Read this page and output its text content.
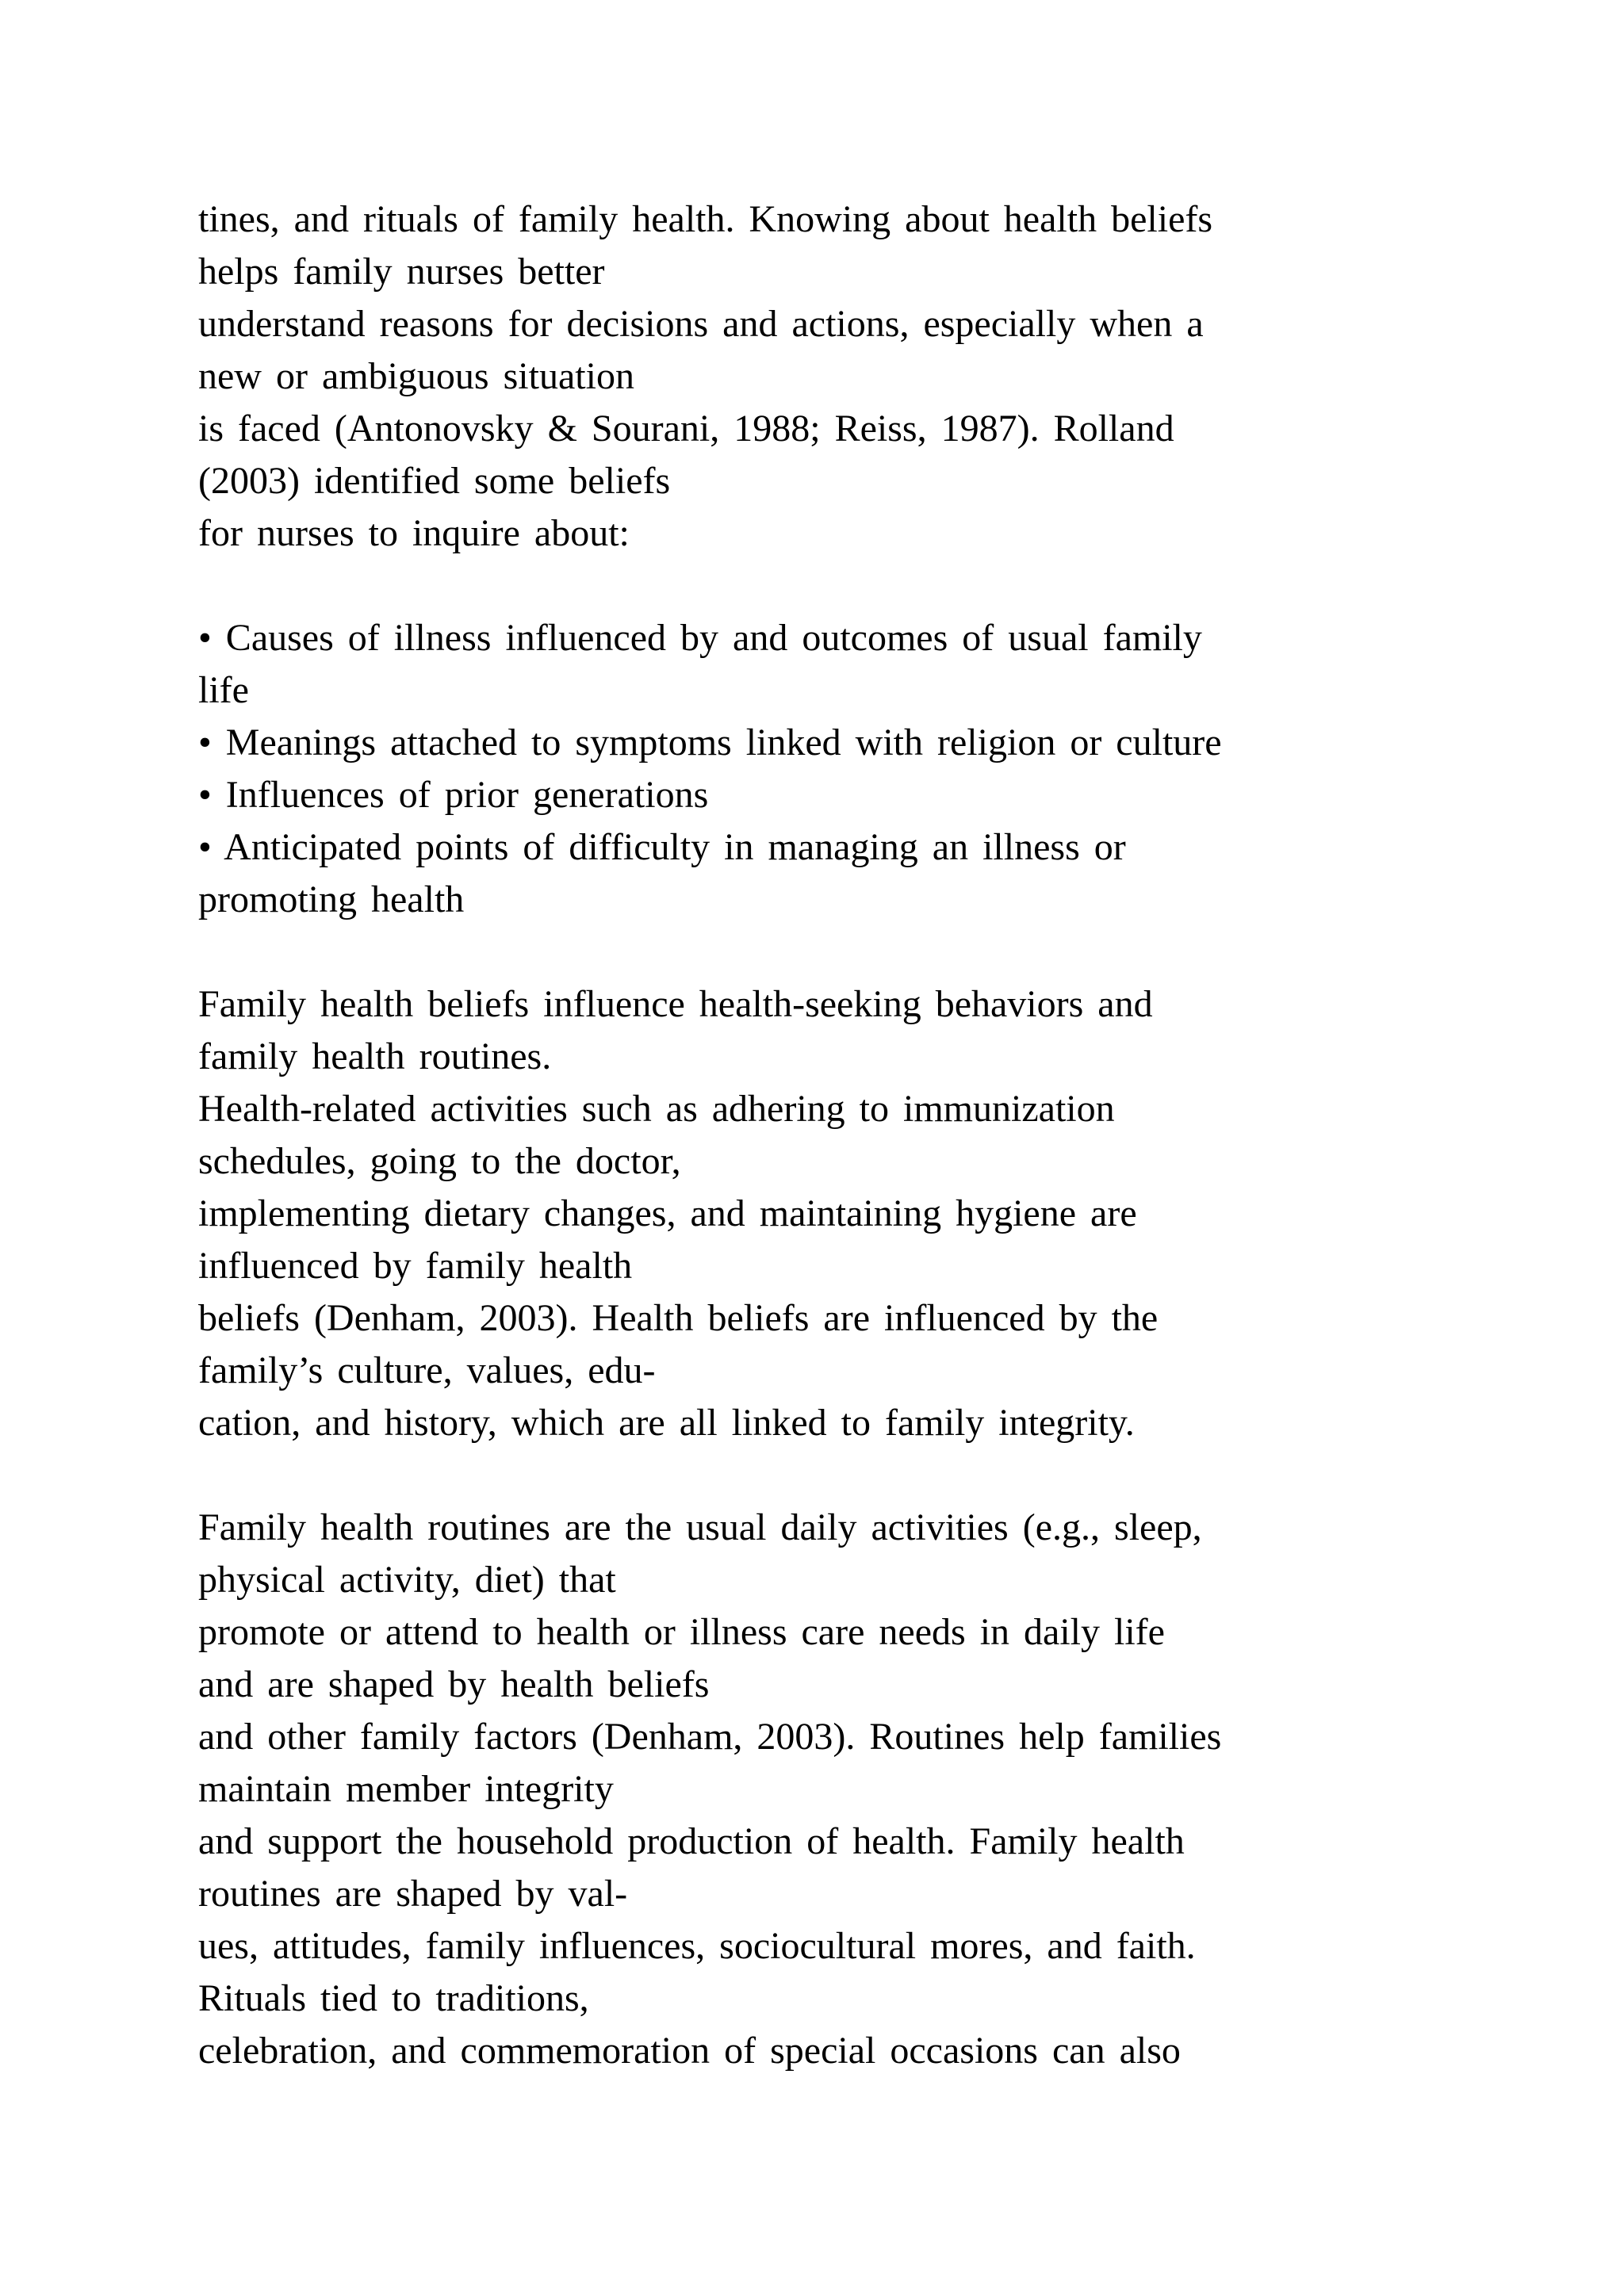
tines, and rituals of family health. Knowing about health beliefs
helps family nurses better
understand reasons for decisions and actions, especially when a
new or ambiguous situation
is faced (Antonovsky & Sourani, 1988; Reiss, 1987). Rolland
(2003) identified some beliefs
for nurses to inquire about:
• Causes of illness influenced by and outcomes of usual family
life
• Meanings attached to symptoms linked with religion or culture
• Influences of prior generations
• Anticipated points of difficulty in managing an illness or
promoting health
Family health beliefs influence health-seeking behaviors and
family health routines.
Health-related activities such as adhering to immunization
schedules, going to the doctor,
implementing dietary changes, and maintaining hygiene are
influenced by family health
beliefs (Denham, 2003). Health beliefs are influenced by the
family’s culture, values, edu-
cation, and history, which are all linked to family integrity.
Family health routines are the usual daily activities (e.g., sleep,
physical activity, diet) that
promote or attend to health or illness care needs in daily life
and are shaped by health beliefs
and other family factors (Denham, 2003). Routines help families
maintain member integrity
and support the household production of health. Family health
routines are shaped by val-
ues, attitudes, family influences, sociocultural mores, and faith.
Rituals tied to traditions,
celebration, and commemoration of special occasions can also
